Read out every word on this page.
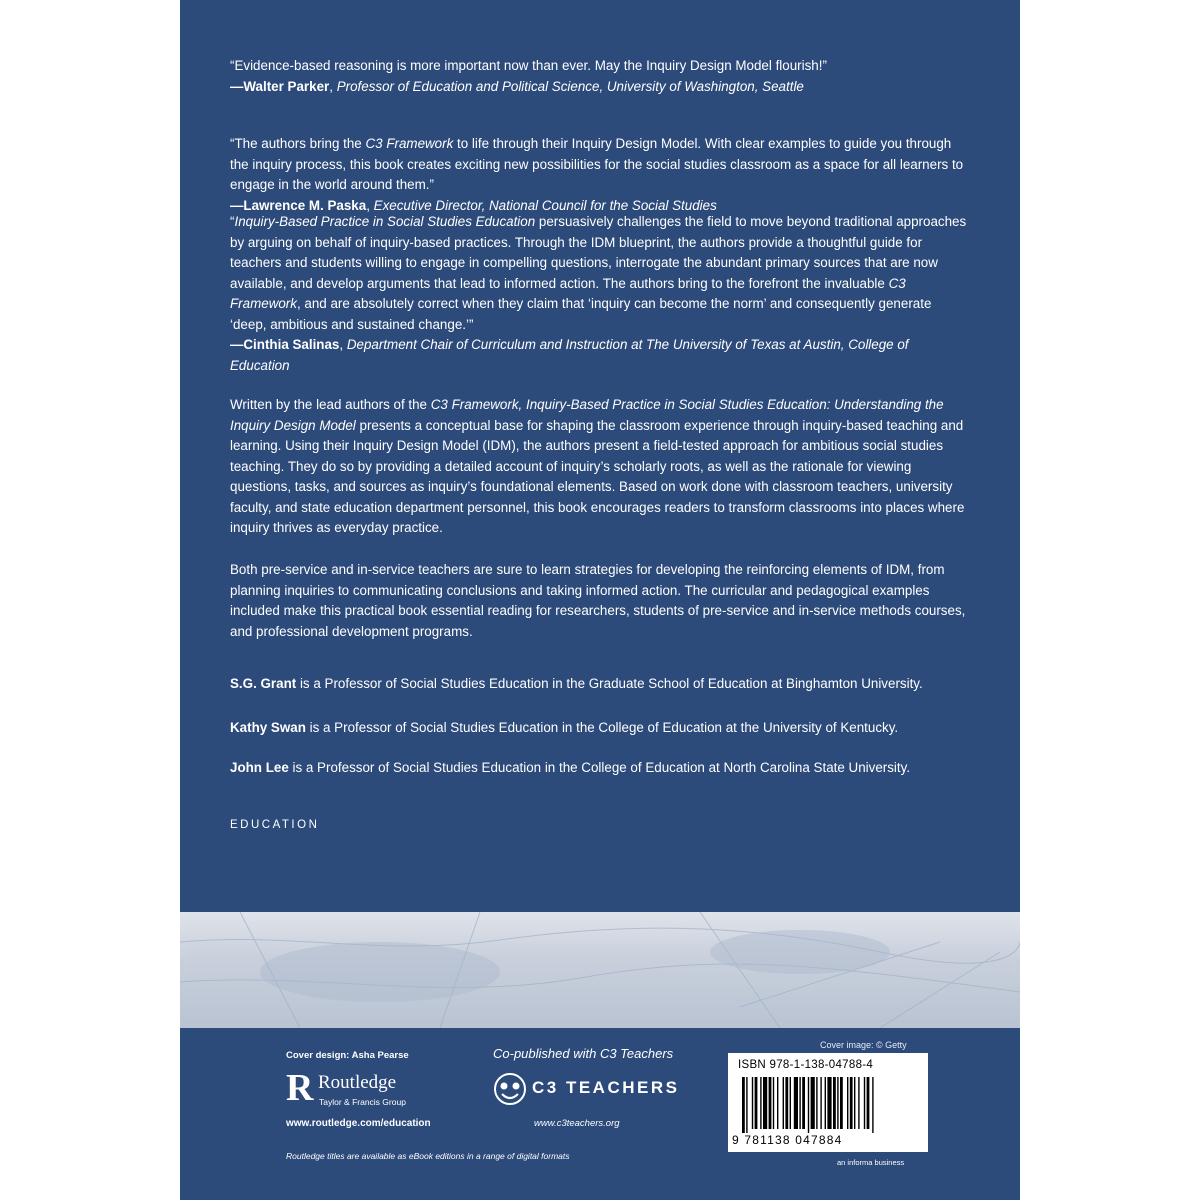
“Evidence-based reasoning is more important now than ever. May the Inquiry Design Model flourish!”
—Walter Parker, Professor of Education and Political Science, University of Washington, Seattle
“The authors bring the C3 Framework to life through their Inquiry Design Model. With clear examples to guide you through the inquiry process, this book creates exciting new possibilities for the social studies classroom as a space for all learners to engage in the world around them.”
—Lawrence M. Paska, Executive Director, National Council for the Social Studies
“Inquiry-Based Practice in Social Studies Education persuasively challenges the field to move beyond traditional approaches by arguing on behalf of inquiry-based practices. Through the IDM blueprint, the authors provide a thoughtful guide for teachers and students willing to engage in compelling questions, interrogate the abundant primary sources that are now available, and develop arguments that lead to informed action. The authors bring to the forefront the invaluable C3 Framework, and are absolutely correct when they claim that ‘inquiry can become the norm’ and consequently generate ‘deep, ambitious and sustained change.’”
—Cinthia Salinas, Department Chair of Curriculum and Instruction at The University of Texas at Austin, College of Education
Written by the lead authors of the C3 Framework, Inquiry-Based Practice in Social Studies Education: Understanding the Inquiry Design Model presents a conceptual base for shaping the classroom experience through inquiry-based teaching and learning. Using their Inquiry Design Model (IDM), the authors present a field-tested approach for ambitious social studies teaching. They do so by providing a detailed account of inquiry’s scholarly roots, as well as the rationale for viewing questions, tasks, and sources as inquiry’s foundational elements. Based on work done with classroom teachers, university faculty, and state education department personnel, this book encourages readers to transform classrooms into places where inquiry thrives as everyday practice.
Both pre-service and in-service teachers are sure to learn strategies for developing the reinforcing elements of IDM, from planning inquiries to communicating conclusions and taking informed action. The curricular and pedagogical examples included make this practical book essential reading for researchers, students of pre-service and in-service methods courses, and professional development programs.
S.G. Grant is a Professor of Social Studies Education in the Graduate School of Education at Binghamton University.
Kathy Swan is a Professor of Social Studies Education in the College of Education at the University of Kentucky.
John Lee is a Professor of Social Studies Education in the College of Education at North Carolina State University.
EDUCATION
Cover design: Asha Pearse
R Routledge
Taylor & Francis Group
www.routledge.com/education
Co-published with C3 Teachers
C3 TEACHERS
www.c3teachers.org
Cover image: © Getty
ISBN 978-1-138-04788-4
9 781138 047884
an informa business
Routledge titles are available as eBook editions in a range of digital formats
